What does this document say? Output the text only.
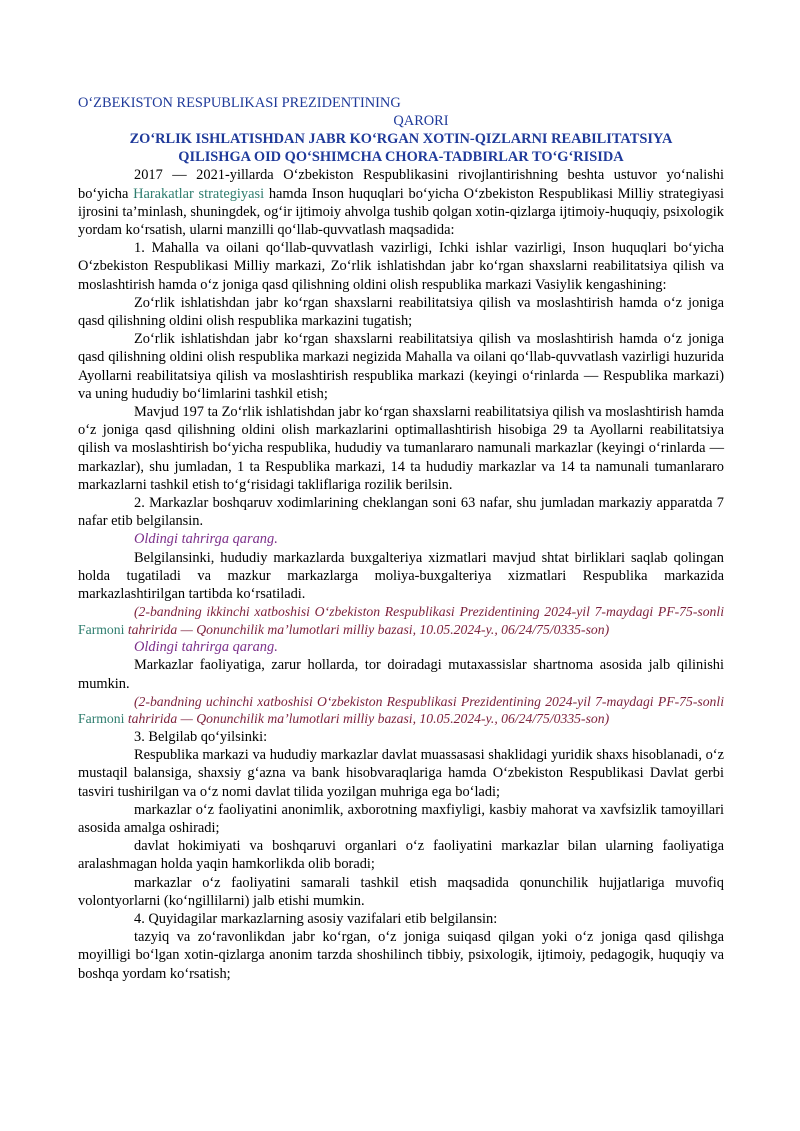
O‘ZBEKISTON RESPUBLIKASI PREZIDENTINING

QARORI

ZO‘RLIK ISHLATISHDAN JABR KO‘RGAN XOTIN-QIZLARNI REABILITATSIYA

QILISHGA OID QO‘SHIMCHA CHORA-TADBIRLAR TO‘G‘RISIDA

2017 — 2021-yillarda O‘zbekiston Respublikasini rivojlantirishning beshta ustuvor yo‘nalishi bo‘yicha Harakatlar strategiyasi hamda Inson huquqlari bo‘yicha O‘zbekiston Respublikasi Milliy strategiyasi ijrosini ta’minlash, shuningdek, og‘ir ijtimoiy ahvolga tushib qolgan xotin-qizlarga ijtimoiy-huquqiy, psixologik yordam ko‘rsatish, ularni manzilli qo‘llab-quvvatlash maqsadida:

1. Mahalla va oilani qo‘llab-quvvatlash vazirligi, Ichki ishlar vazirligi, Inson huquqlari bo‘yicha O‘zbekiston Respublikasi Milliy markazi, Zo‘rlik ishlatishdan jabr ko‘rgan shaxslarni reabilitatsiya qilish va moslashtirish hamda o‘z joniga qasd qilishning oldini olish respublika markazi Vasiylik kengashining:

Zo‘rlik ishlatishdan jabr ko‘rgan shaxslarni reabilitatsiya qilish va moslashtirish hamda o‘z joniga qasd qilishning oldini olish respublika markazini tugatish;

Zo‘rlik ishlatishdan jabr ko‘rgan shaxslarni reabilitatsiya qilish va moslashtirish hamda o‘z joniga qasd qilishning oldini olish respublika markazi negizida Mahalla va oilani qo‘llab-quvvatlash vazirligi huzurida Ayollarni reabilitatsiya qilish va moslashtirish respublika markazi (keyingi o‘rinlarda — Respublika markazi) va uning hududiy bo‘limlarini tashkil etish;

Mavjud 197 ta Zo‘rlik ishlatishdan jabr ko‘rgan shaxslarni reabilitatsiya qilish va moslashtirish hamda o‘z joniga qasd qilishning oldini olish markazlarini optimallashtirish hisobiga 29 ta Ayollarni reabilitatsiya qilish va moslashtirish bo‘yicha respublika, hududiy va tumanlararo namunali markazlar (keyingi o‘rinlarda — markazlar), shu jumladan, 1 ta Respublika markazi, 14 ta hududiy markazlar va 14 ta namunali tumanlararo markazlarni tashkil etish to‘g‘risidagi takliflariga rozilik berilsin.

2. Markazlar boshqaruv xodimlarining cheklangan soni 63 nafar, shu jumladan markaziy apparatda 7 nafar etib belgilansin.

Oldingi tahrirga qarang.

Belgilansinki, hududiy markazlarda buxgalteriya xizmatlari mavjud shtat birliklari saqlab qolingan holda tugatiladi va mazkur markazlarga moliya-buxgalteriya xizmatlari Respublika markazida markazlashtirilgan tartibda ko‘rsatiladi.

(2-bandning ikkinchi xatboshisi O‘zbekiston Respublikasi Prezidentining 2024-yil 7-maydagi PF-75-sonli Farmoni tahririda — Qonunchilik ma’lumotlari milliy bazasi, 10.05.2024-y., 06/24/75/0335-son)

Oldingi tahrirga qarang.

Markazlar faoliyatiga, zarur hollarda, tor doiradagi mutaxassislar shartnoma asosida jalb qilinishi mumkin.

(2-bandning uchinchi xatboshisi O‘zbekiston Respublikasi Prezidentining 2024-yil 7-maydagi PF-75-sonli Farmoni tahririda — Qonunchilik ma’lumotlari milliy bazasi, 10.05.2024-y., 06/24/75/0335-son)

3. Belgilab qo‘yilsinki:

Respublika markazi va hududiy markazlar davlat muassasasi shaklidagi yuridik shaxs hisoblanadi, o‘z mustaqil balansiga, shaxsiy g‘azna va bank hisobvaraqlariga hamda O‘zbekiston Respublikasi Davlat gerbi tasviri tushirilgan va o‘z nomi davlat tilida yozilgan muhriga ega bo‘ladi;

markazlar o‘z faoliyatini anonimlik, axborotning maxfiyligi, kasbiy mahorat va xavfsizlik tamoyillari asosida amalga oshiradi;

davlat hokimiyati va boshqaruvi organlari o‘z faoliyatini markazlar bilan ularning faoliyatiga aralashmagan holda yaqin hamkorlikda olib boradi;

markazlar o‘z faoliyatini samarali tashkil etish maqsadida qonunchilik hujjatlariga muvofiq volontyorlarni (ko‘ngillilarni) jalb etishi mumkin.

4. Quyidagilar markazlarning asosiy vazifalari etib belgilansin:

tazyiq va zo‘ravonlikdan jabr ko‘rgan, o‘z joniga suiqasd qilgan yoki o‘z joniga qasd qilishga moyilligi bo‘lgan xotin-qizlarga anonim tarzda shoshilinch tibbiy, psixologik, ijtimoiy, pedagogik, huquqiy va boshqa yordam ko‘rsatish;
